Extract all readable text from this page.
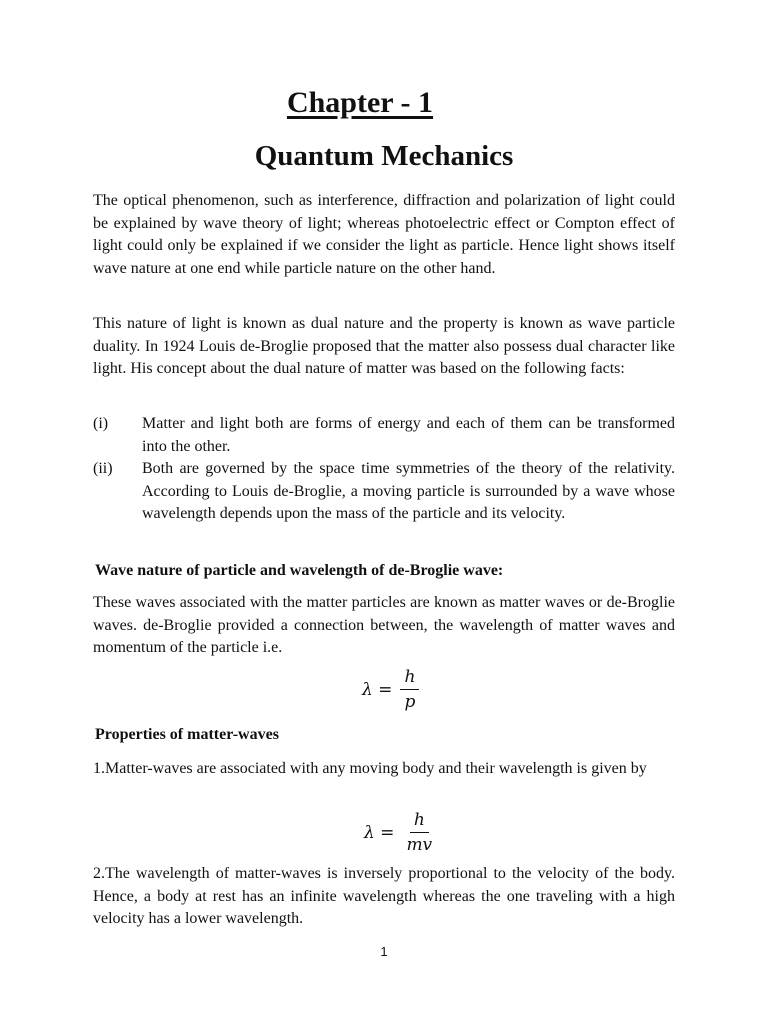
Chapter - 1
Quantum Mechanics

The optical phenomenon, such as interference, diffraction and polarization of light could be explained by wave theory of light; whereas photoelectric effect or Compton effect of light could only be explained if we consider the light as particle. Hence light shows itself wave nature at one end while particle nature on the other hand.

This nature of light is known as dual nature and the property is known as wave particle duality. In 1924 Louis de-Broglie proposed that the matter also possess dual character like light. His concept about the dual nature of matter was based on the following facts:

(i) Matter and light both are forms of energy and each of them can be transformed into the other.
(ii) Both are governed by the space time symmetries of the theory of the relativity. According to Louis de-Broglie, a moving particle is surrounded by a wave whose wavelength depends upon the mass of the particle and its velocity.
Wave nature of particle and wavelength of de-Broglie wave:

These waves associated with the matter particles are known as matter waves or de-Broglie waves. de-Broglie provided a connection between, the wavelength of matter waves and momentum of the particle i.e.

$\lambda = \frac{h}{p}$
Properties of matter-waves

1.Matter-waves are associated with any moving body and their wavelength is given by

$\lambda = \frac{h}{mv}$

2.The wavelength of matter-waves is inversely proportional to the velocity of the body. Hence, a body at rest has an infinite wavelength whereas the one traveling with a high velocity has a lower wavelength.

1
